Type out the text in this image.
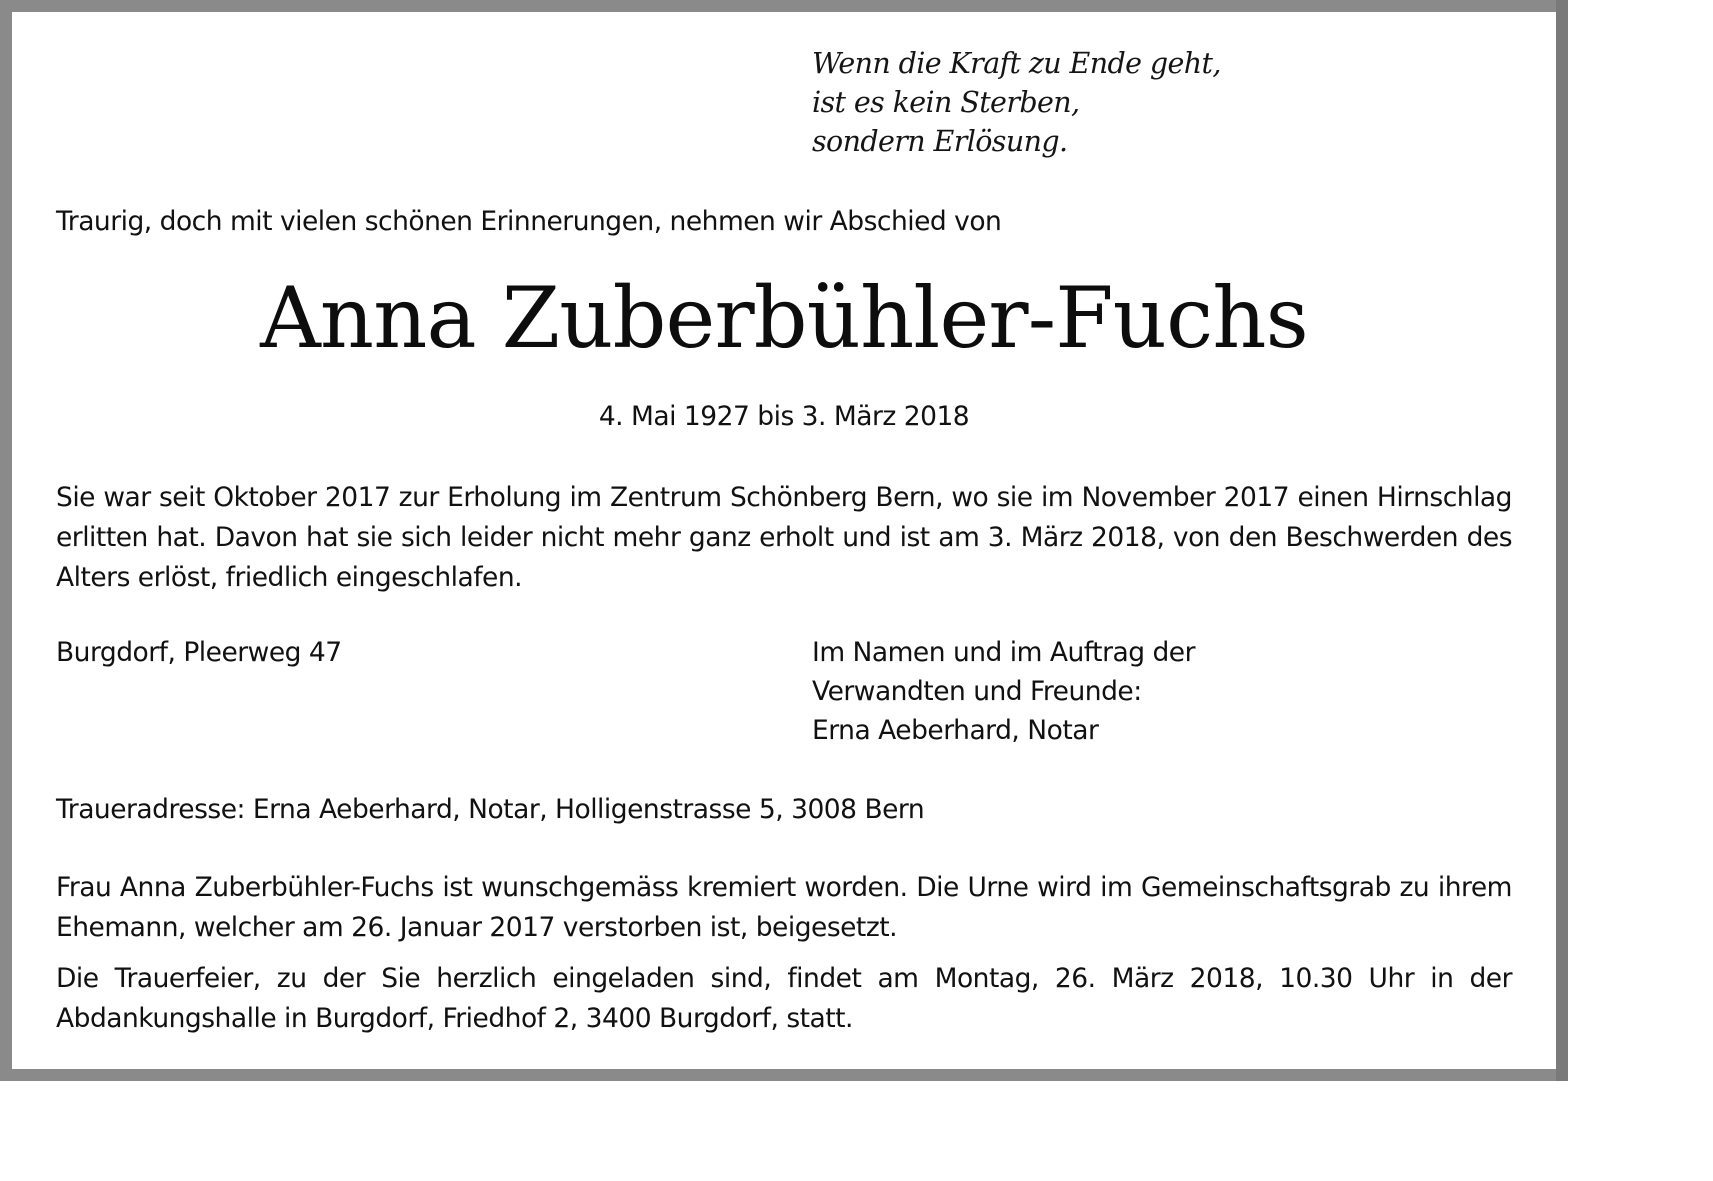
Wenn die Kraft zu Ende geht,
ist es kein Sterben,
sondern Erlösung.
Traurig, doch mit vielen schönen Erinnerungen, nehmen wir Abschied von
Anna Zuberbühler-Fuchs
4. Mai 1927 bis 3. März 2018

Sie war seit Oktober 2017 zur Erholung im Zentrum Schönberg Bern, wo sie im November 2017 einen Hirnschlag erlitten hat. Davon hat sie sich leider nicht mehr ganz erholt und ist am 3. März 2018, von den Beschwerden des Alters erlöst, friedlich eingeschlafen.

Burgdorf, Pleerweg 47	Im Namen und im Auftrag der
Verwandten und Freunde:
Erna Aeberhard, Notar
Traueradresse: Erna Aeberhard, Notar, Holligenstrasse 5, 3008 Bern

Frau Anna Zuberbühler-Fuchs ist wunschgemäss kremiert worden. Die Urne wird im Gemeinschaftsgrab zu ihrem Ehemann, welcher am 26. Januar 2017 verstorben ist, beigesetzt.

Die Trauerfeier, zu der Sie herzlich eingeladen sind, findet am Montag, 26. März 2018, 10.30 Uhr in der Abdankungshalle in Burgdorf, Friedhof 2, 3400 Burgdorf, statt.
